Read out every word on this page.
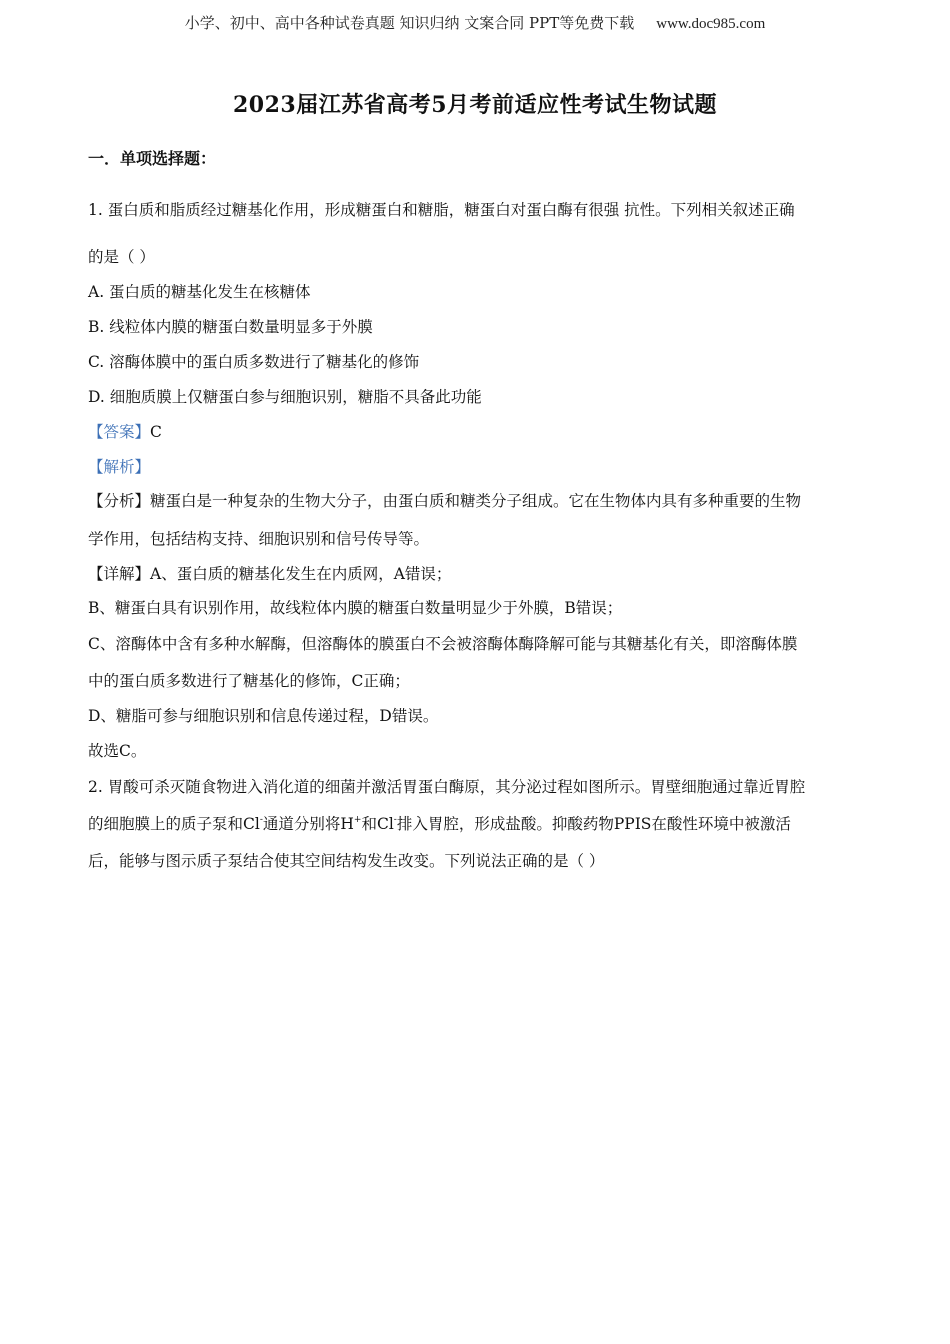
小学、初中、高中各种试卷真题 知识归纳 文案合同 PPT等免费下载 www.doc985.com
2023届江苏省高考5月考前适应性考试生物试题
一．单项选择题：
1. 蛋白质和脂质经过糖基化作用，形成糖蛋白和糖脂，糖蛋白对蛋白酶有很强 抗性。下列相关叙述正确
的是（ ）
A. 蛋白质的糖基化发生在核糖体
B. 线粒体内膜的糖蛋白数量明显多于外膜
C. 溶酶体膜中的蛋白质多数进行了糖基化的修饰
D. 细胞质膜上仅糖蛋白参与细胞识别，糖脂不具备此功能
【答案】C
【解析】
【分析】糖蛋白是一种复杂的生物大分子，由蛋白质和糖类分子组成。它在生物体内具有多种重要的生物
学作用，包括结构支持、细胞识别和信号传导等。
【详解】A、蛋白质的糖基化发生在内质网，A错误；
B、糖蛋白具有识别作用，故线粒体内膜的糖蛋白数量明显少于外膜，B错误；
C、溶酶体中含有多种水解酶，但溶酶体的膜蛋白不会被溶酶体酶降解可能与其糖基化有关，即溶酶体膜
中的蛋白质多数进行了糖基化的修饰，C正确；
D、糖脂可参与细胞识别和信息传递过程，D错误。
故选C。
2. 胃酸可杀灭随食物进入消化道的细菌并激活胃蛋白酶原，其分泌过程如图所示。胃壁细胞通过靠近胃腔
的细胞膜上的质子泵和Cl-通道分别将H+和Cl-排入胃腔，形成盐酸。抑酸药物PPIS在酸性环境中被激活
后，能够与图示质子泵结合使其空间结构发生改变。下列说法正确的是（ ）
